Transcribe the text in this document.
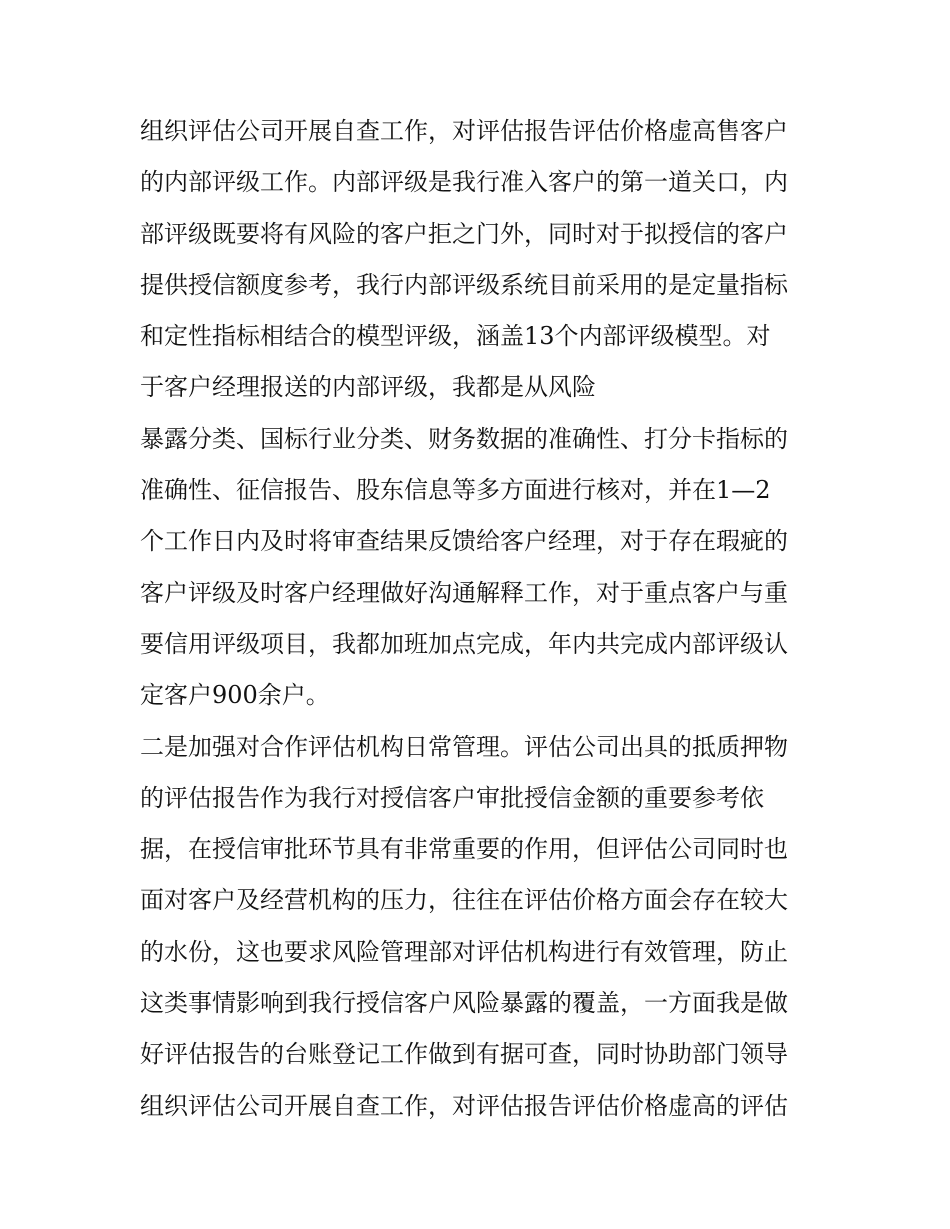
组织评估公司开展自查工作，对评估报告评估价格虚高售客户

的内部评级工作。内部评级是我行准入客户的第一道关口，内

部评级既要将有风险的客户拒之门外，同时对于拟授信的客户

提供授信额度参考，我行内部评级系统目前采用的是定量指标

和定性指标相结合的模型评级，涵盖13个内部评级模型。对

于客户经理报送的内部评级，我都是从风险

暴露分类、国标行业分类、财务数据的准确性、打分卡指标的

准确性、征信报告、股东信息等多方面进行核对，并在1—2

个工作日内及时将审查结果反馈给客户经理，对于存在瑕疵的

客户评级及时客户经理做好沟通解释工作，对于重点客户与重

要信用评级项目，我都加班加点完成，年内共完成内部评级认

定客户900余户。

二是加强对合作评估机构日常管理。评估公司出具的抵质押物

的评估报告作为我行对授信客户审批授信金额的重要参考依

据，在授信审批环节具有非常重要的作用，但评估公司同时也

面对客户及经营机构的压力，往往在评估价格方面会存在较大

的水份，这也要求风险管理部对评估机构进行有效管理，防止

这类事情影响到我行授信客户风险暴露的覆盖，一方面我是做

好评估报告的台账登记工作做到有据可查，同时协助部门领导

组织评估公司开展自查工作，对评估报告评估价格虚高的评估
